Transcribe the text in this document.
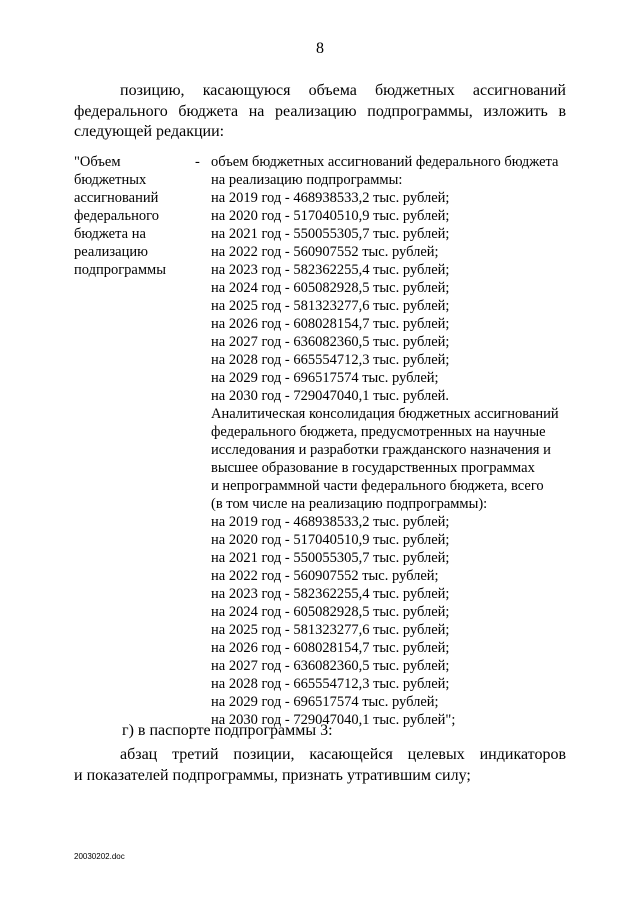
8
позицию, касающуюся объема бюджетных ассигнований
федерального бюджета на реализацию подпрограммы, изложить в
следующей редакции:
"Объем
бюджетных
ассигнований
федерального
бюджета на
реализацию
подпрограммы
- объем бюджетных ассигнований федерального бюджета
на реализацию подпрограммы:
на 2019 год - 468938533,2 тыс. рублей;
на 2020 год - 517040510,9 тыс. рублей;
на 2021 год - 550055305,7 тыс. рублей;
на 2022 год - 560907552 тыс. рублей;
на 2023 год - 582362255,4 тыс. рублей;
на 2024 год - 605082928,5 тыс. рублей;
на 2025 год - 581323277,6 тыс. рублей;
на 2026 год - 608028154,7 тыс. рублей;
на 2027 год - 636082360,5 тыс. рублей;
на 2028 год - 665554712,3 тыс. рублей;
на 2029 год - 696517574 тыс. рублей;
на 2030 год - 729047040,1 тыс. рублей.
Аналитическая консолидация бюджетных ассигнований
федерального бюджета, предусмотренных на научные
исследования и разработки гражданского назначения и
высшее образование в государственных программах
и непрограммной части федерального бюджета, всего
(в том числе на реализацию подпрограммы):
на 2019 год - 468938533,2 тыс. рублей;
на 2020 год - 517040510,9 тыс. рублей;
на 2021 год - 550055305,7 тыс. рублей;
на 2022 год - 560907552 тыс. рублей;
на 2023 год - 582362255,4 тыс. рублей;
на 2024 год - 605082928,5 тыс. рублей;
на 2025 год - 581323277,6 тыс. рублей;
на 2026 год - 608028154,7 тыс. рублей;
на 2027 год - 636082360,5 тыс. рублей;
на 2028 год - 665554712,3 тыс. рублей;
на 2029 год - 696517574 тыс. рублей;
на 2030 год - 729047040,1 тыс. рублей";
г) в паспорте подпрограммы 3:
абзац третий позиции, касающейся целевых индикаторов
и показателей подпрограммы, признать утратившим силу;
20030202.doc
